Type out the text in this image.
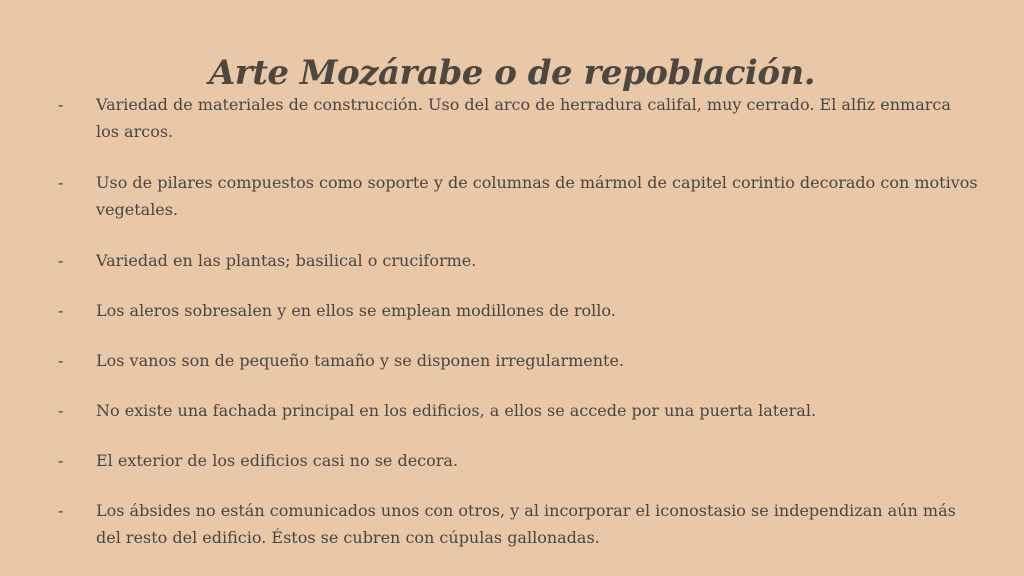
Arte Mozárabe o de repoblación.
-	Variedad de materiales de construcción. Uso del arco de herradura califal, muy cerrado. El alfiz enmarca los arcos.
-	Uso de pilares compuestos como soporte y de columnas de mármol de capitel corintio decorado con motivos vegetales.
-	Variedad en las plantas; basilical o cruciforme.
-	Los aleros sobresalen y en ellos se emplean modillones de rollo.
-	Los vanos son de pequeño tamaño y se disponen irregularmente.
-	No existe una fachada principal en los edificios, a ellos se accede por una puerta lateral.
-	El exterior de los edificios casi no se decora.
-	Los ábsides no están comunicados unos con otros, y al incorporar el iconostasio se independizan aún más del resto del edificio. Éstos se cubren con cúpulas gallonadas.
